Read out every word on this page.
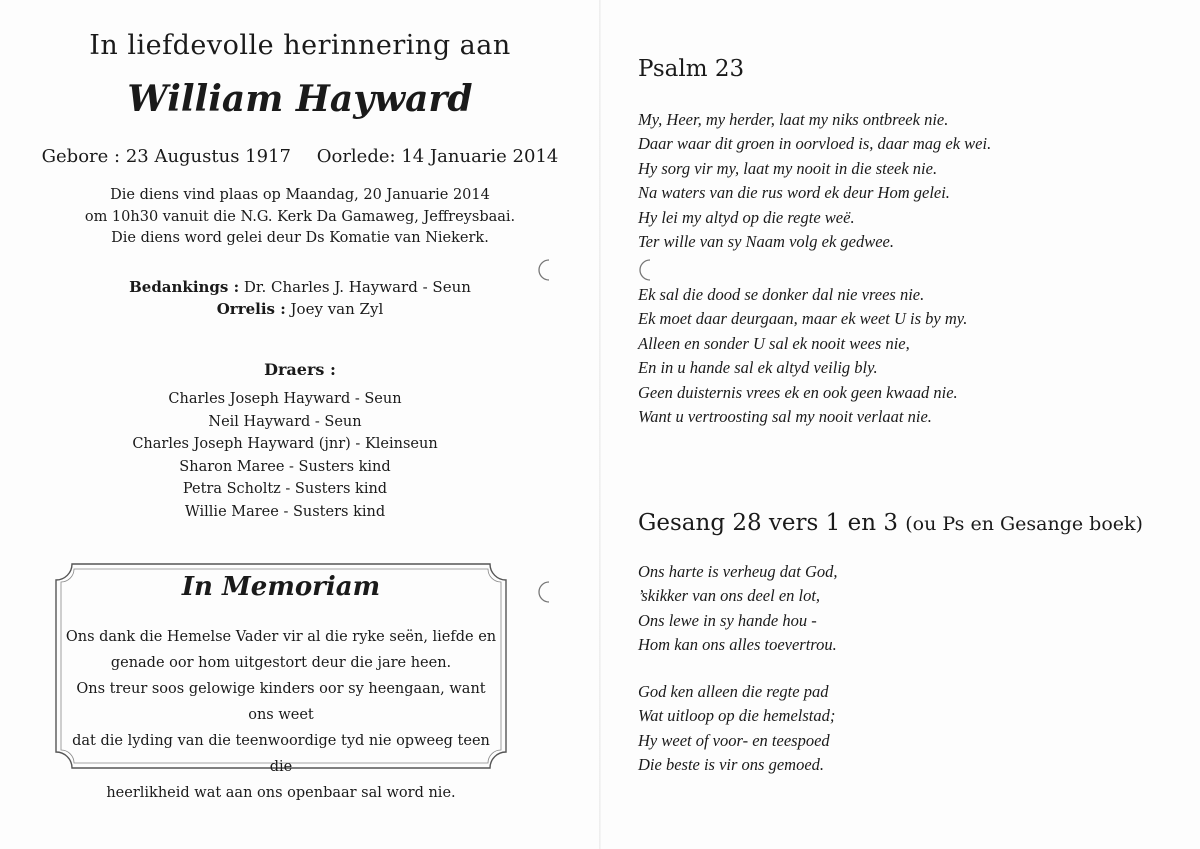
In liefdevolle herinnering aan
William Hayward
Gebore : 23 Augustus 1917 Oorlede: 14 Januarie 2014
Die diens vind plaas op Maandag, 20 Januarie 2014
om 10h30 vanuit die N.G. Kerk Da Gamaweg, Jeffreysbaai.
Die diens word gelei deur Ds Komatie van Niekerk.
Bedankings : Dr. Charles J. Hayward - Seun
Orrelis : Joey van Zyl
Draers :
Charles Joseph Hayward - Seun
Neil Hayward - Seun
Charles Joseph Hayward (jnr) - Kleinseun
Sharon Maree - Susters kind
Petra Scholtz - Susters kind
Willie Maree - Susters kind
In Memoriam
Ons dank die Hemelse Vader vir al die ryke seën, liefde en
genade oor hom uitgestort deur die jare heen.
Ons treur soos gelowige kinders oor sy heengaan, want ons weet
dat die lyding van die teenwoordige tyd nie opweeg teen die
heerlikheid wat aan ons openbaar sal word nie.
Psalm 23
My, Heer, my herder, laat my niks ontbreek nie.
Daar waar dit groen in oorvloed is, daar mag ek wei.
Hy sorg vir my, laat my nooit in die steek nie.
Na waters van die rus word ek deur Hom gelei.
Hy lei my altyd op die regte weë.
Ter wille van sy Naam volg ek gedwee.
Ek sal die dood se donker dal nie vrees nie.
Ek moet daar deurgaan, maar ek weet U is by my.
Alleen en sonder U sal ek nooit wees nie,
En in u hande sal ek altyd veilig bly.
Geen duisternis vrees ek en ook geen kwaad nie.
Want u vertroosting sal my nooit verlaat nie.
Gesang 28 vers 1 en 3 (ou Ps en Gesange boek)
Ons harte is verheug dat God,
’skikker van ons deel en lot,
Ons lewe in sy hande hou -
Hom kan ons alles toevertrou.
God ken alleen die regte pad
Wat uitloop op die hemelstad;
Hy weet of voor- en teespoed
Die beste is vir ons gemoed.
